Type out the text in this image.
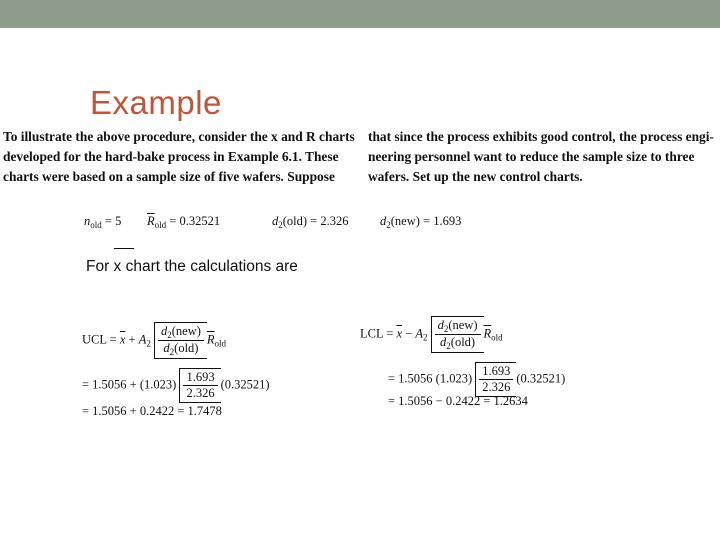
Example
To illustrate the above procedure, consider the x and R charts
developed for the hard-bake process in Example 6.1. These
charts were based on a sample size of five wafers. Suppose
that since the process exhibits good control, the process engi-
neering personnel want to reduce the sample size to three
wafers. Set up the new control charts.
$n_{old} = 5$ $\overline{R}_{old} = 0.32521$	$d_2(old) = 2.326$	$d_2(new) = 1.693$
For x chart the calculations are
UCL = $\overline{x} + A_2 \frac{d_2(new)}{d_2(old)} \overline{R}_{old}$
= $1.5056 + (1.023) \frac{1.693}{2.326} (0.32521)$
= 1.5056 + 0.2422 = 1.7478
LCL = $\overline{x} - A_2 \frac{d_2(new)}{d_2(old)} \overline{R}_{old}$
= 1.5056 $(1.023) \frac{1.693}{2.326} (0.32521)$
= 1.5056 − 0.2422 = 1.2634
